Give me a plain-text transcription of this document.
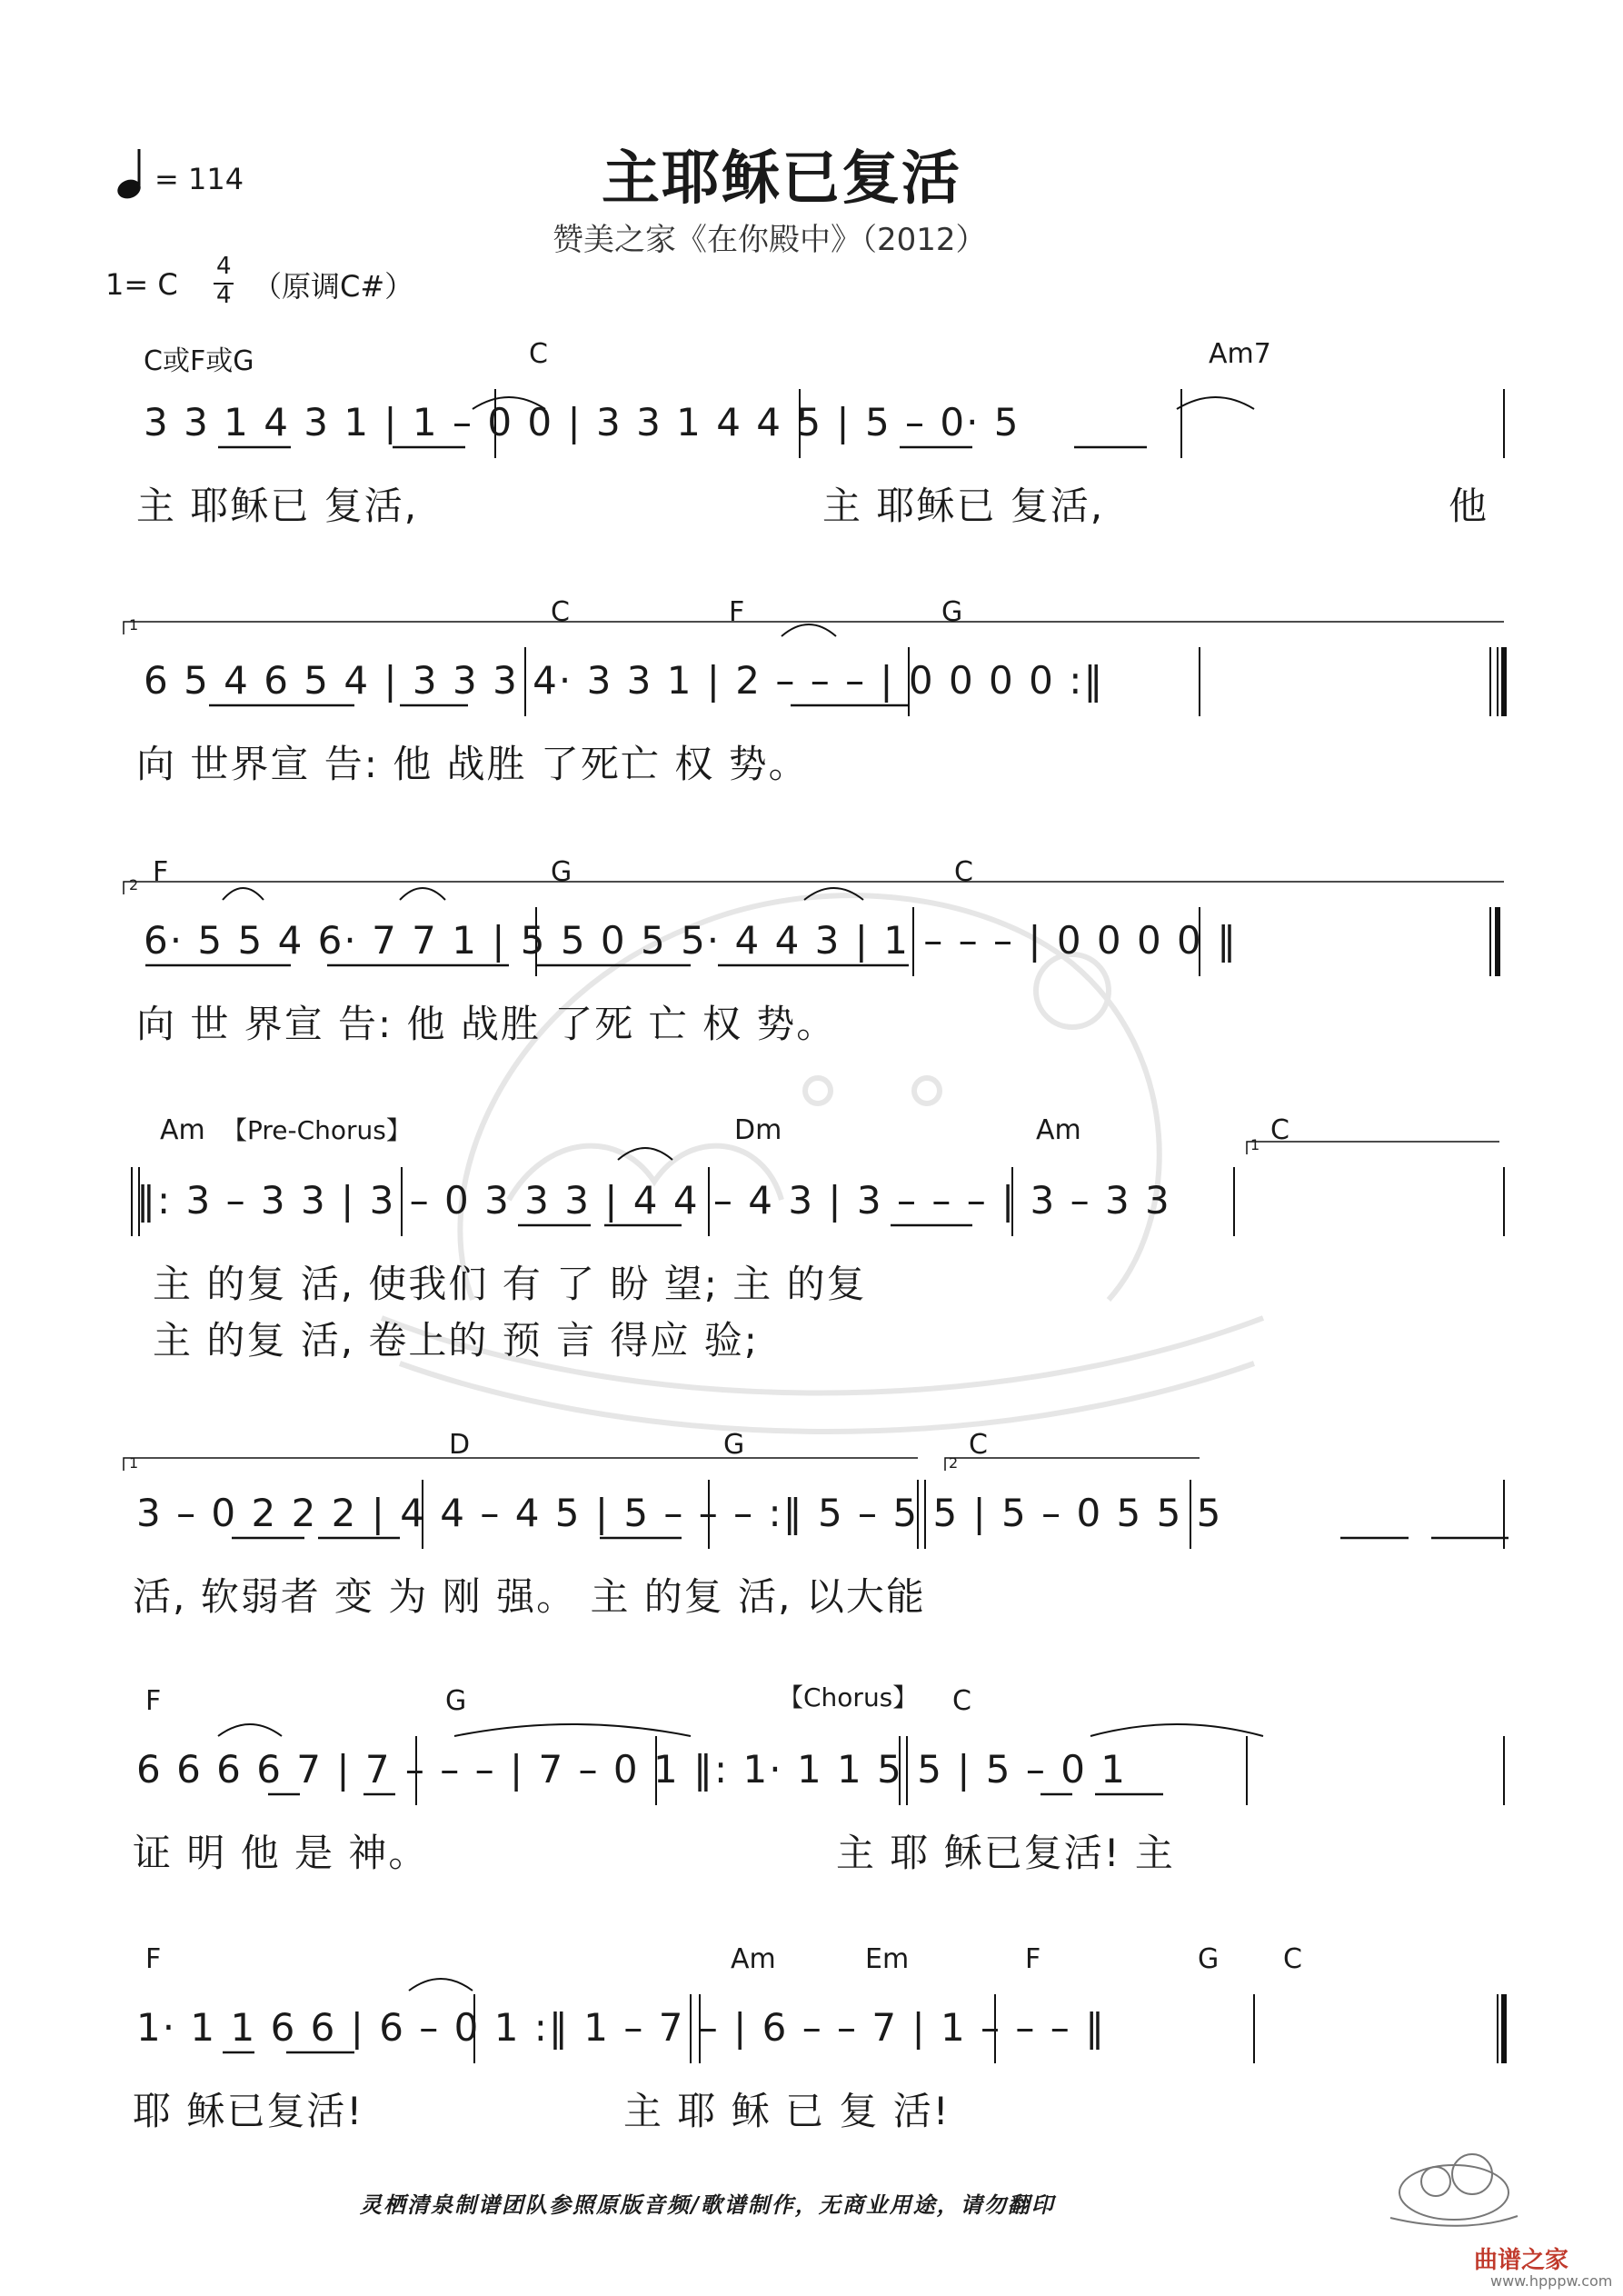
主耶稣已复活
赞美之家《在你殿中》（2012）
= 114
1= C
4
4 （原调C#）
C或F或G	C	Am7
3 3 1 4 3 1 | 1 – 0 0 | 3 3 1 4 4 5 | 5 – 0· 5
主 耶稣已 复活,	主 耶稣已 复活,	他
1	C	F	G
6 5 4 6 5 4 | 3 3 3 4· 3 3 1 | 2 – – – | 0 0 0 0 :‖
向 世界宣 告: 他 战胜 了死亡 权 势。
2 F	G	C
6· 5 5 4 6· 7 7 1 | 5 5 0 5 5· 4 4 3 | 1 – – – | 0 0 0 0 ‖
向 世 界宣 告: 他 战胜 了死 亡 权 势。
Am 【Pre-Chorus】	Dm	Am	1 C
‖: 3 – 3 3 | 3 – 0 3 3 3 | 4 4 – 4 3 | 3 – – – | 3 – 3 3
主 的复 活, 使我们 有 了 盼 望; 主 的复
主 的复 活, 卷上的 预 言 得应 验;
1	2
D	G	C
3 – 0 2 2 2 | 4 4 – 4 5 | 5 – – – :‖ 5 – 5 5 | 5 – 0 5 5 5
活, 软弱者 变 为 刚 强。 主 的复 活, 以大能
F	G	【Chorus】 C
6 6 6 6 7 | 7 – – – | 7 – 0 1 ‖: 1· 1 1 5 5 | 5 – 0 1
证 明 他 是 神。	主 耶 稣已复活! 主
F	Am	Em	F	G C
1· 1 1 6 6 | 6 – 0 1 :‖ 1 – 7 – | 6 – – 7 | 1 – – – ‖
耶 稣已复活!	主 耶 稣 已 复 活!
灵栖清泉制谱团队参照原版音频/歌谱制作，无商业用途，请勿翻印
曲谱之家
www.hpppw.com
